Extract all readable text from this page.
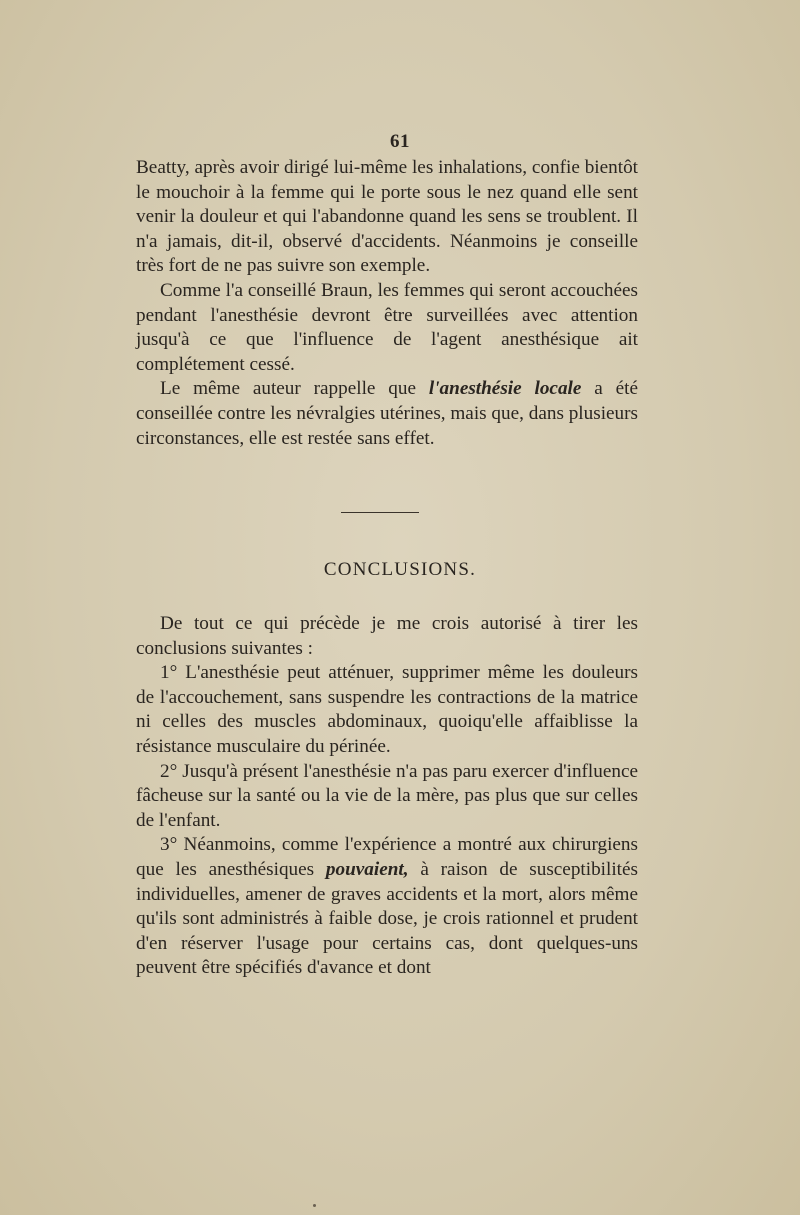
61

Beatty, après avoir dirigé lui-même les inhalations, confie bientôt le mouchoir à la femme qui le porte sous le nez quand elle sent venir la douleur et qui l'abandonne quand les sens se troublent. Il n'a jamais, dit-il, observé d'accidents. Néanmoins je conseille très fort de ne pas suivre son exemple.

Comme l'a conseillé Braun, les femmes qui seront accouchées pendant l'anesthésie devront être surveillées avec attention jusqu'à ce que l'influence de l'agent anesthésique ait complétement cessé.

Le même auteur rappelle que l'anesthésie locale a été conseillée contre les névralgies utérines, mais que, dans plusieurs circonstances, elle est restée sans effet.

CONCLUSIONS.

De tout ce qui précède je me crois autorisé à tirer les conclusions suivantes :

1° L'anesthésie peut atténuer, supprimer même les douleurs de l'accouchement, sans suspendre les contractions de la matrice ni celles des muscles abdominaux, quoiqu'elle affaiblisse la résistance musculaire du périnée.

2° Jusqu'à présent l'anesthésie n'a pas paru exercer d'influence fâcheuse sur la santé ou la vie de la mère, pas plus que sur celles de l'enfant.

3° Néanmoins, comme l'expérience a montré aux chirurgiens que les anesthésiques pouvaient, à raison de susceptibilités individuelles, amener de graves accidents et la mort, alors même qu'ils sont administrés à faible dose, je crois rationnel et prudent d'en réserver l'usage pour certains cas, dont quelques-uns peuvent être spécifiés d'avance et dont
